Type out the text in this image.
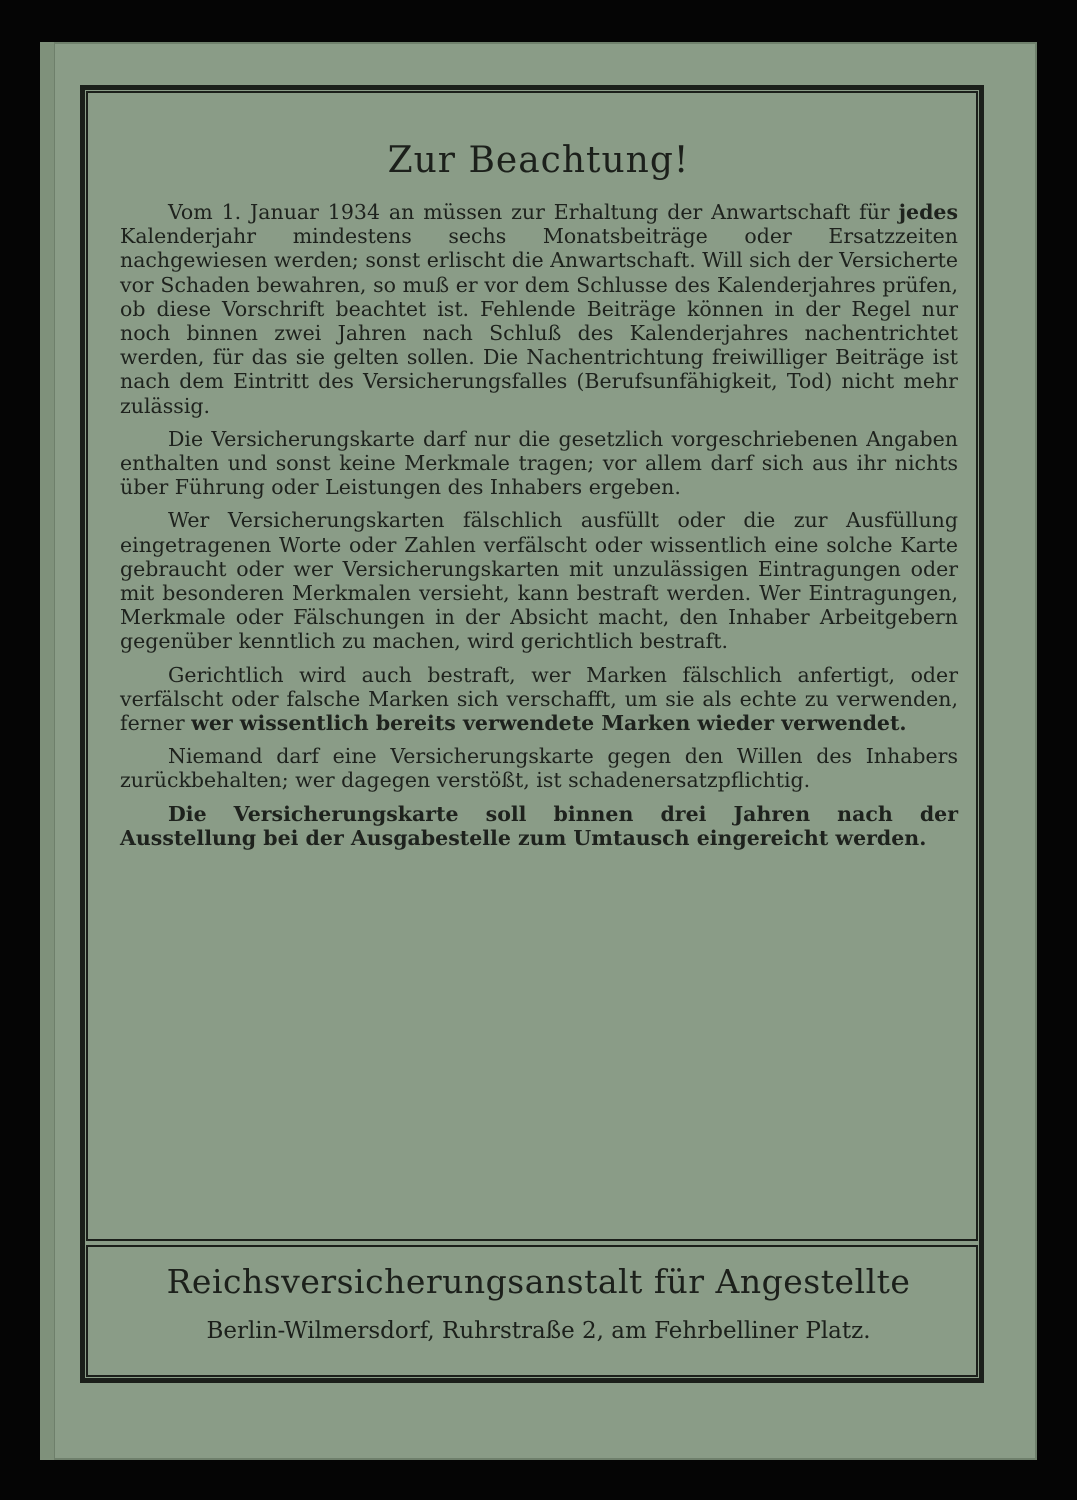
Zur Beachtung!

Vom 1. Januar 1934 an müssen zur Erhaltung der Anwartschaft für jedes Kalenderjahr mindestens sechs Monatsbeiträge oder Ersatzzeiten nachgewiesen werden; sonst erlischt die Anwartschaft. Will sich der Versicherte vor Schaden bewahren, so muß er vor dem Schlusse des Kalenderjahres prüfen, ob diese Vorschrift beachtet ist. Fehlende Beiträge können in der Regel nur noch binnen zwei Jahren nach Schluß des Kalenderjahres nachentrichtet werden, für das sie gelten sollen. Die Nachentrichtung freiwilliger Beiträge ist nach dem Eintritt des Versicherungsfalles (Berufsunfähigkeit, Tod) nicht mehr zulässig.

Die Versicherungskarte darf nur die gesetzlich vorgeschriebenen Angaben enthalten und sonst keine Merkmale tragen; vor allem darf sich aus ihr nichts über Führung oder Leistungen des Inhabers ergeben.

Wer Versicherungskarten fälschlich ausfüllt oder die zur Ausfüllung eingetragenen Worte oder Zahlen verfälscht oder wissentlich eine solche Karte gebraucht oder wer Versicherungskarten mit unzulässigen Eintragungen oder mit besonderen Merkmalen versieht, kann bestraft werden. Wer Eintragungen, Merkmale oder Fälschungen in der Absicht macht, den Inhaber Arbeitgebern gegenüber kenntlich zu machen, wird gerichtlich bestraft.

Gerichtlich wird auch bestraft, wer Marken fälschlich anfertigt, oder verfälscht oder falsche Marken sich verschafft, um sie als echte zu verwenden, ferner wer wissentlich bereits verwendete Marken wieder verwendet.

Niemand darf eine Versicherungskarte gegen den Willen des Inhabers zurückbehalten; wer dagegen verstößt, ist schadenersatzpflichtig.

Die Versicherungskarte soll binnen drei Jahren nach der Ausstellung bei der Ausgabestelle zum Umtausch eingereicht werden.

Reichsversicherungsanstalt für Angestellte
Berlin-Wilmersdorf, Ruhrstraße 2, am Fehrbelliner Platz.
